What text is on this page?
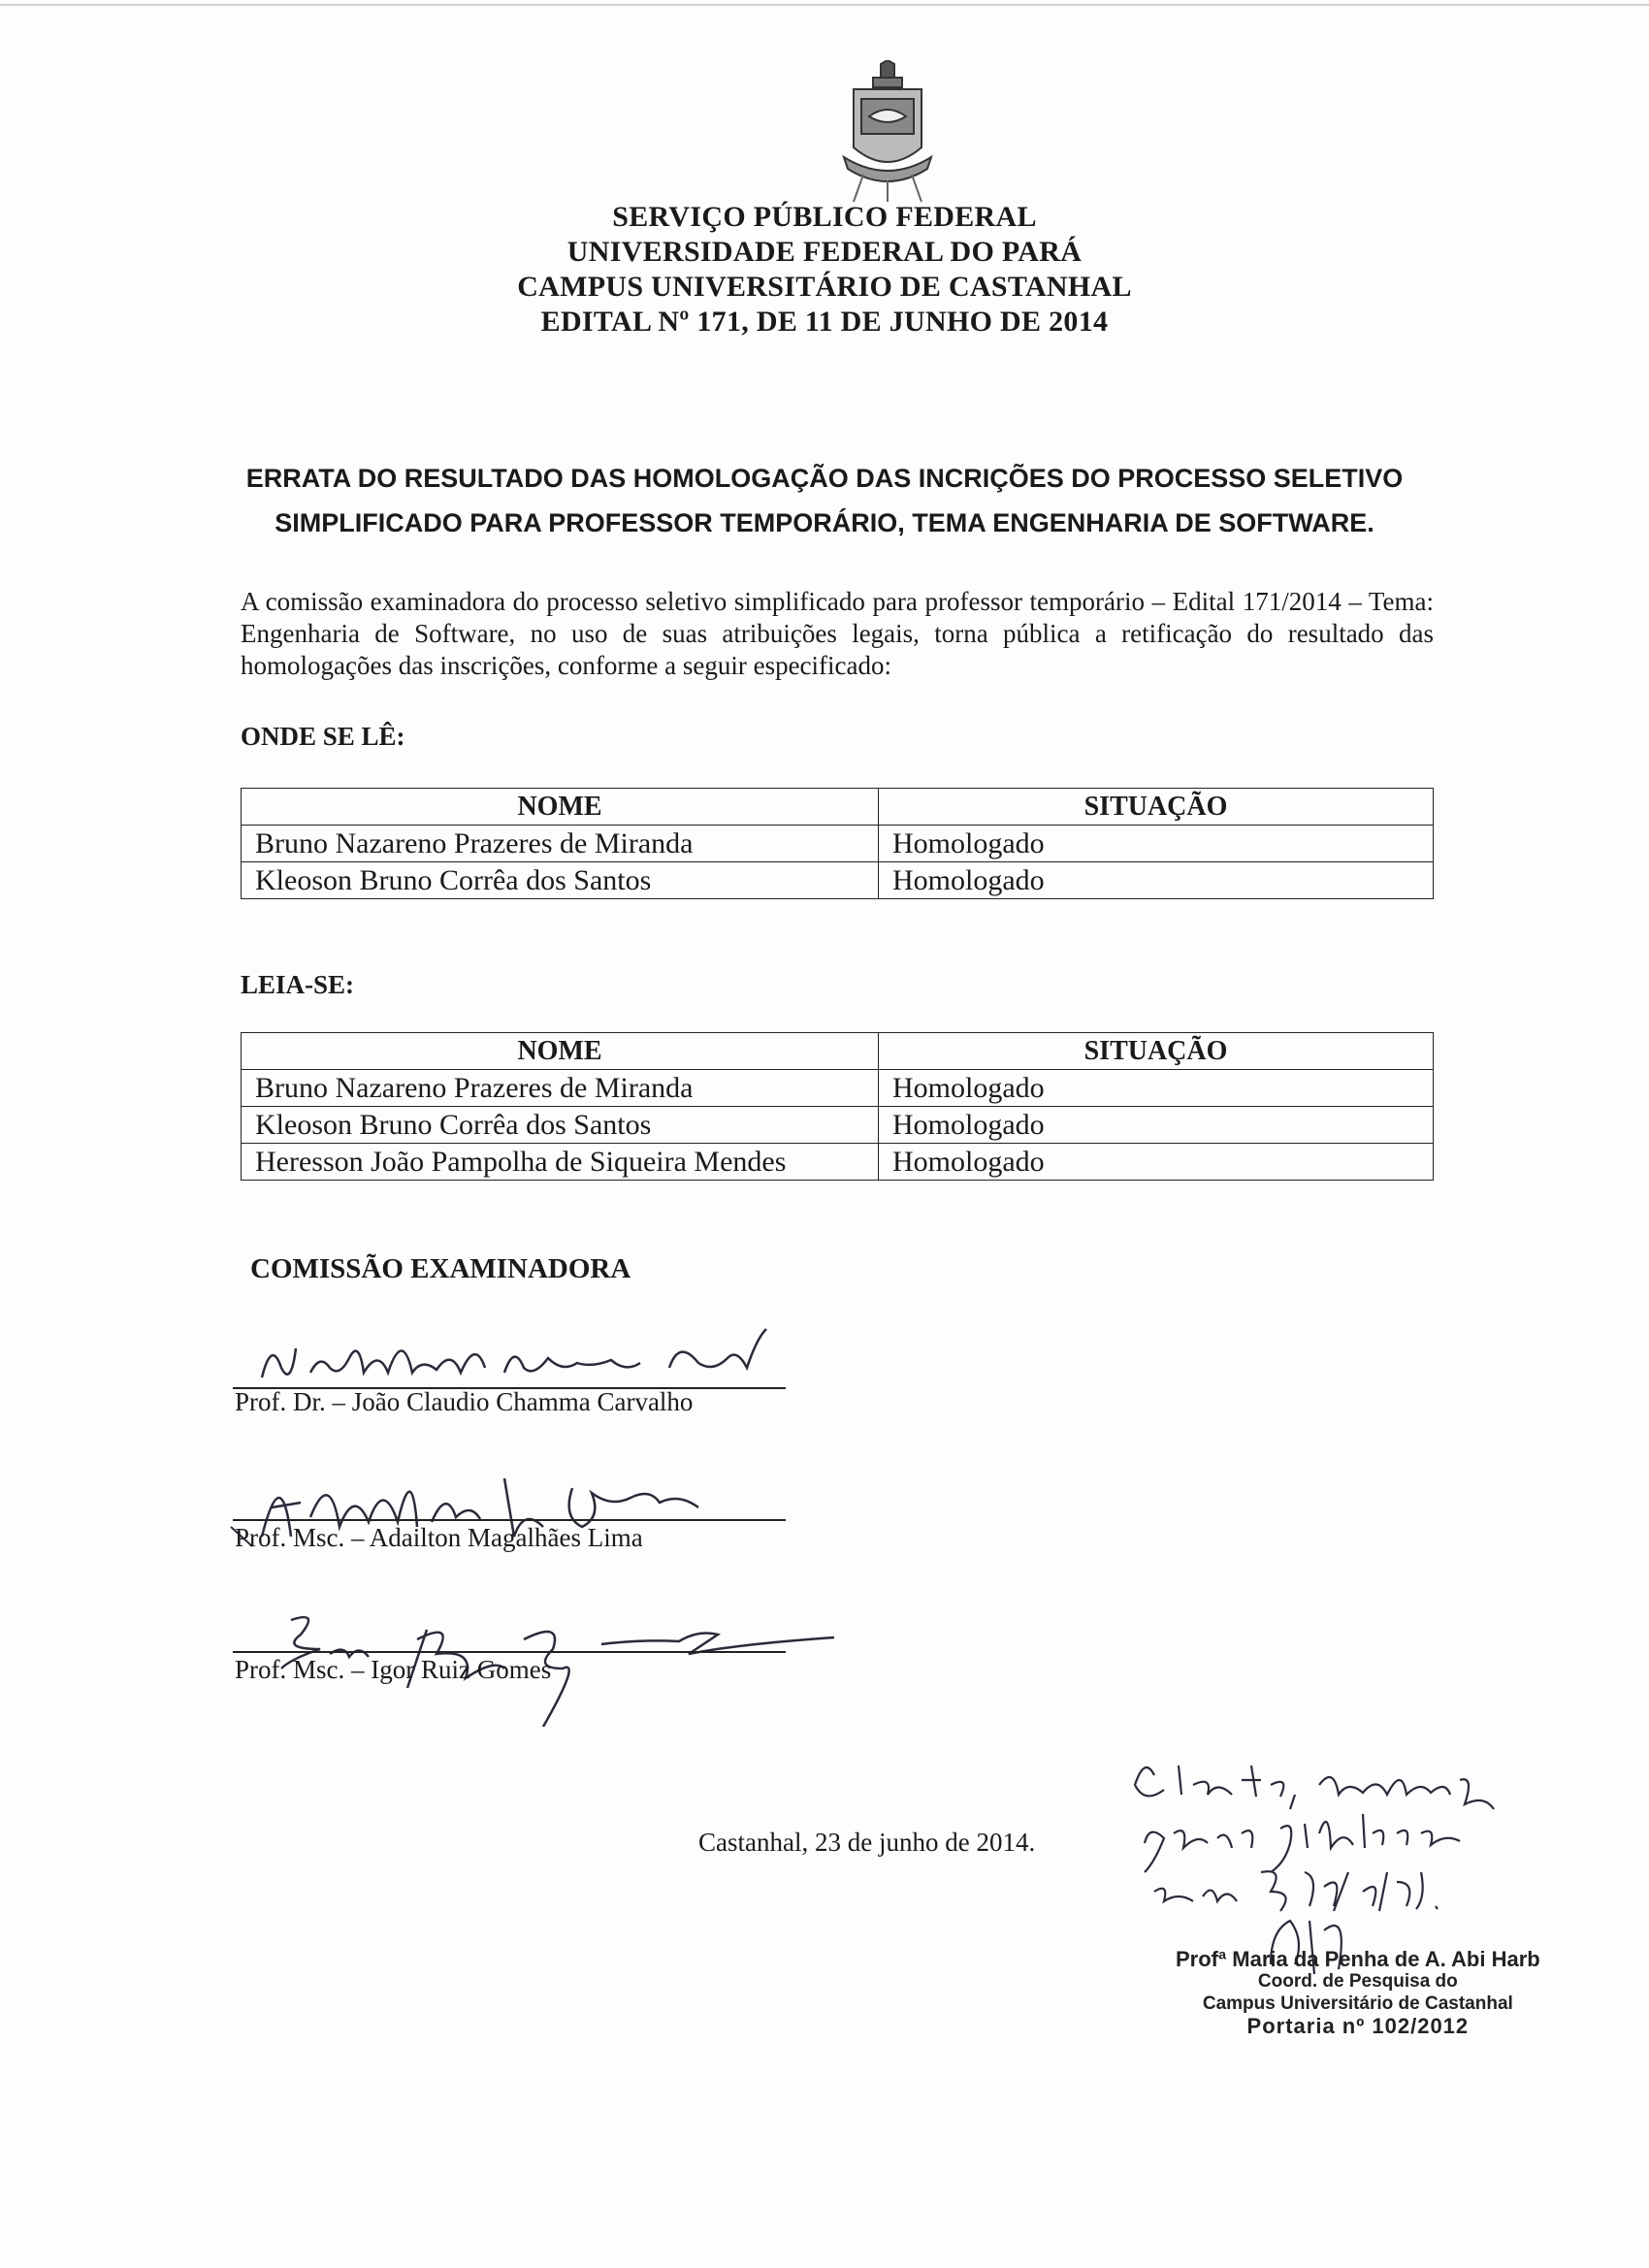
SERVIÇO PÚBLICO FEDERAL
UNIVERSIDADE FEDERAL DO PARÁ
CAMPUS UNIVERSITÁRIO DE CASTANHAL
EDITAL Nº 171, DE 11 DE JUNHO DE 2014
ERRATA DO RESULTADO DAS HOMOLOGAÇÃO DAS INCRIÇÕES DO PROCESSO SELETIVO
SIMPLIFICADO PARA PROFESSOR TEMPORÁRIO, TEMA ENGENHARIA DE SOFTWARE.
A comissão examinadora do processo seletivo simplificado para professor temporário – Edital 171/2014 – Tema: Engenharia de Software, no uso de suas atribuições legais, torna pública a retificação do resultado das homologações das inscrições, conforme a seguir especificado:
ONDE SE LÊ:
NOME	SITUAÇÃO
Bruno Nazareno Prazeres de Miranda	Homologado
Kleoson Bruno Corrêa dos Santos	Homologado
LEIA-SE:
NOME	SITUAÇÃO
Bruno Nazareno Prazeres de Miranda	Homologado
Kleoson Bruno Corrêa dos Santos	Homologado
Heresson João Pampolha de Siqueira Mendes	Homologado
COMISSÃO EXAMINADORA
Prof. Dr. – João Claudio Chamma Carvalho
Prof. Msc. – Adailton Magalhães Lima
Prof. Msc. – Igor Ruiz Gomes
Castanhal, 23 de junho de 2014.
Profª Maria da Penha de A. Abi Harb
Coord. de Pesquisa do
Campus Universitário de Castanhal
Portaria nº 102/2012
